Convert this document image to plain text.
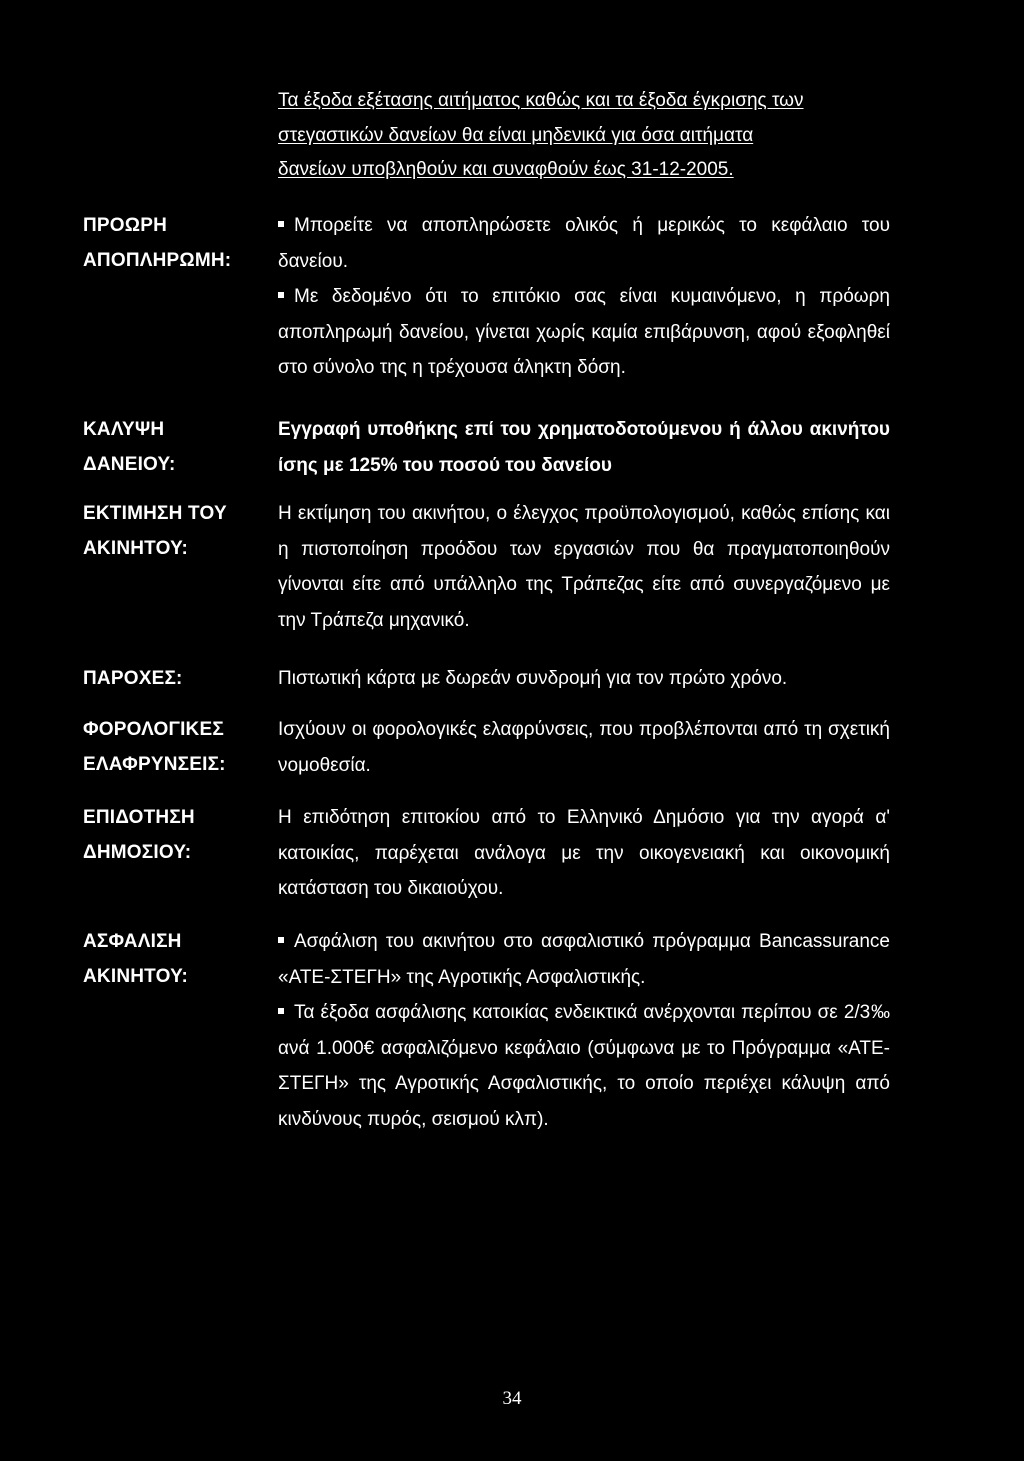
Τα έξοδα εξέτασης αιτήματος καθώς και τα έξοδα έγκρισης των
στεγαστικών δανείων θα είναι μηδενικά για όσα αιτήματα
δανείων υποβληθούν και συναφθούν έως 31-12-2005.
ΠΡΟΩΡΗ
ΑΠΟΠΛΗΡΩΜΗ:

Μπορείτε να αποπληρώσετε ολικός ή μερικώς το κεφάλαιο του δανείου.

Με δεδομένο ότι το επιτόκιο σας είναι κυμαινόμενο, η πρόωρη αποπληρωμή δανείου, γίνεται χωρίς καμία επιβάρυνση, αφού εξοφληθεί στο σύνολο της η τρέχουσα άληκτη δόση.

ΚΑΛΥΨΗ
ΔΑΝΕΙΟΥ:

Εγγραφή υποθήκης επί του χρηματοδοτούμενου ή άλλου ακινήτου ίσης με 125% του ποσού του δανείου

ΕΚΤΙΜΗΣΗ ΤΟΥ
ΑΚΙΝΗΤΟΥ:

Η εκτίμηση του ακινήτου, ο έλεγχος προϋπολογισμού, καθώς επίσης και η πιστοποίηση προόδου των εργασιών που θα πραγματοποιηθούν γίνονται είτε από υπάλληλο της Τράπεζας είτε από συνεργαζόμενο με την Τράπεζα μηχανικό.

ΠΑΡΟΧΕΣ:	Πιστωτική κάρτα με δωρεάν συνδρομή για τον πρώτο χρόνο.

ΦΟΡΟΛΟΓΙΚΕΣ
ΕΛΑΦΡΥΝΣΕΙΣ:

Ισχύουν οι φορολογικές ελαφρύνσεις, που προβλέπονται από τη σχετική νομοθεσία.

ΕΠΙΔΟΤΗΣΗ
ΔΗΜΟΣΙΟΥ:

Η επιδότηση επιτοκίου από το Ελληνικό Δημόσιο για την αγορά α' κατοικίας, παρέχεται ανάλογα με την οικογενειακή και οικονομική κατάσταση του δικαιούχου.

ΑΣΦΑΛΙΣΗ
ΑΚΙΝΗΤΟΥ:

Ασφάλιση του ακινήτου στο ασφαλιστικό πρόγραμμα Bancassurance «ΑΤΕ-ΣΤΕΓΗ» της Αγροτικής Ασφαλιστικής.

Τα έξοδα ασφάλισης κατοικίας ενδεικτικά ανέρχονται περίπου σε 2/3‰ ανά 1.000€ ασφαλιζόμενο κεφάλαιο (σύμφωνα με το Πρόγραμμα «ΑΤΕ-ΣΤΕΓΗ» της Αγροτικής Ασφαλιστικής, το οποίο περιέχει κάλυψη από κινδύνους πυρός, σεισμού κλπ).

34
